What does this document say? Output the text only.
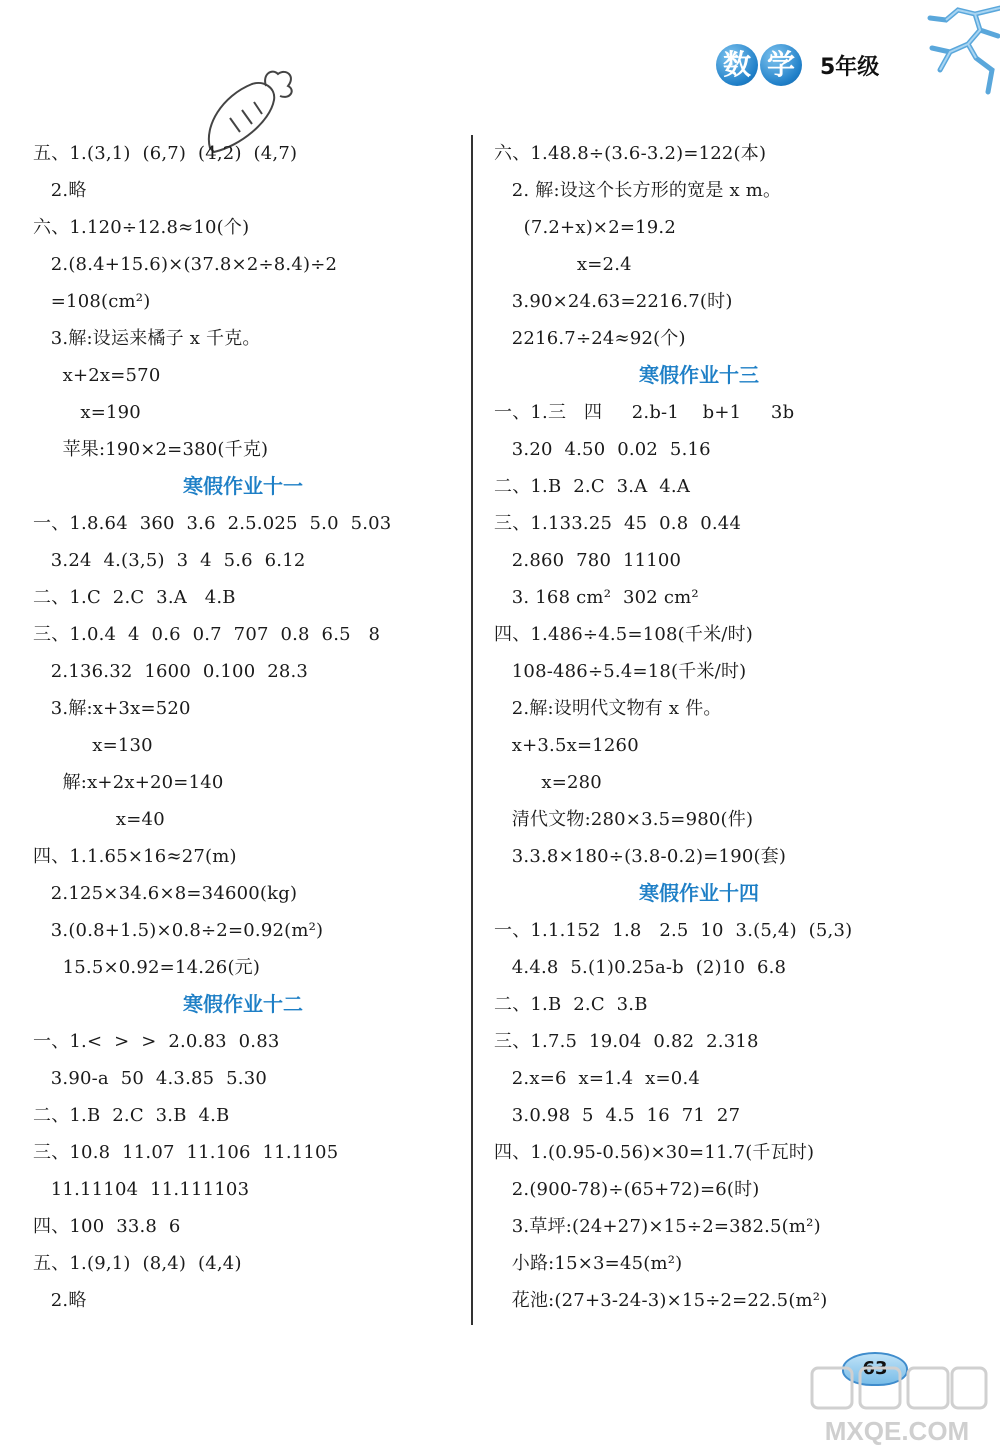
数 学	5年级
五、1.(3,1)  (6,7)  (4,2)  (4,7)
2.略
六、1.120÷12.8≈10(个)
2.(8.4+15.6)×(37.8×2÷8.4)÷2
=108(cm²)
3.解:设运来橘子 x 千克。
x+2x=570
x=190
苹果:190×2=380(千克)
寒假作业十一
一、1.8.64  360  3.6  2.5.025  5.0  5.03
3.24  4.(3,5)  3  4  5.6  6.12
二、1.C  2.C  3.A   4.B
三、1.0.4  4  0.6  0.7  707  0.8  6.5   8
2.136.32  1600  0.100  28.3
3.解:x+3x=520
x=130
解:x+2x+20=140
x=40
四、1.1.65×16≈27(m)
2.125×34.6×8=34600(kg)
3.(0.8+1.5)×0.8÷2=0.92(m²)
15.5×0.92=14.26(元)
寒假作业十二
一、1.<  >  >  2.0.83  0.83
3.90-a  50  4.3.85  5.30
二、1.B  2.C  3.B  4.B
三、10.8  11.07  11.106  11.1105
11.11104  11.111103
四、100  33.8  6
五、1.(9,1)  (8,4)  (4,4)
2.略
六、1.48.8÷(3.6-3.2)=122(本)
2. 解:设这个长方形的宽是 x m。
(7.2+x)×2=19.2
x=2.4
3.90×24.63=2216.7(时)
2216.7÷24≈92(个)
寒假作业十三
一、1.三   四     2.b-1    b+1     3b
3.20  4.50  0.02  5.16
二、1.B  2.C  3.A  4.A
三、1.133.25  45  0.8  0.44
2.860  780  11100
3. 168 cm²  302 cm²
四、1.486÷4.5=108(千米/时)
108-486÷5.4=18(千米/时)
2.解:设明代文物有 x 件。
x+3.5x=1260
x=280
清代文物:280×3.5=980(件)
3.3.8×180÷(3.8-0.2)=190(套)
寒假作业十四
一、1.1.152  1.8   2.5  10  3.(5,4)  (5,3)
4.4.8  5.(1)0.25a-b  (2)10  6.8
二、1.B  2.C  3.B
三、1.7.5  19.04  0.82  2.318
2.x=6  x=1.4  x=0.4
3.0.98  5  4.5  16  71  27
四、1.(0.95-0.56)×30=11.7(千瓦时)
2.(900-78)÷(65+72)=6(时)
3.草坪:(24+27)×15÷2=382.5(m²)
小路:15×3=45(m²)
花池:(27+3-24-3)×15÷2=22.5(m²)
63
MXQE.COM
